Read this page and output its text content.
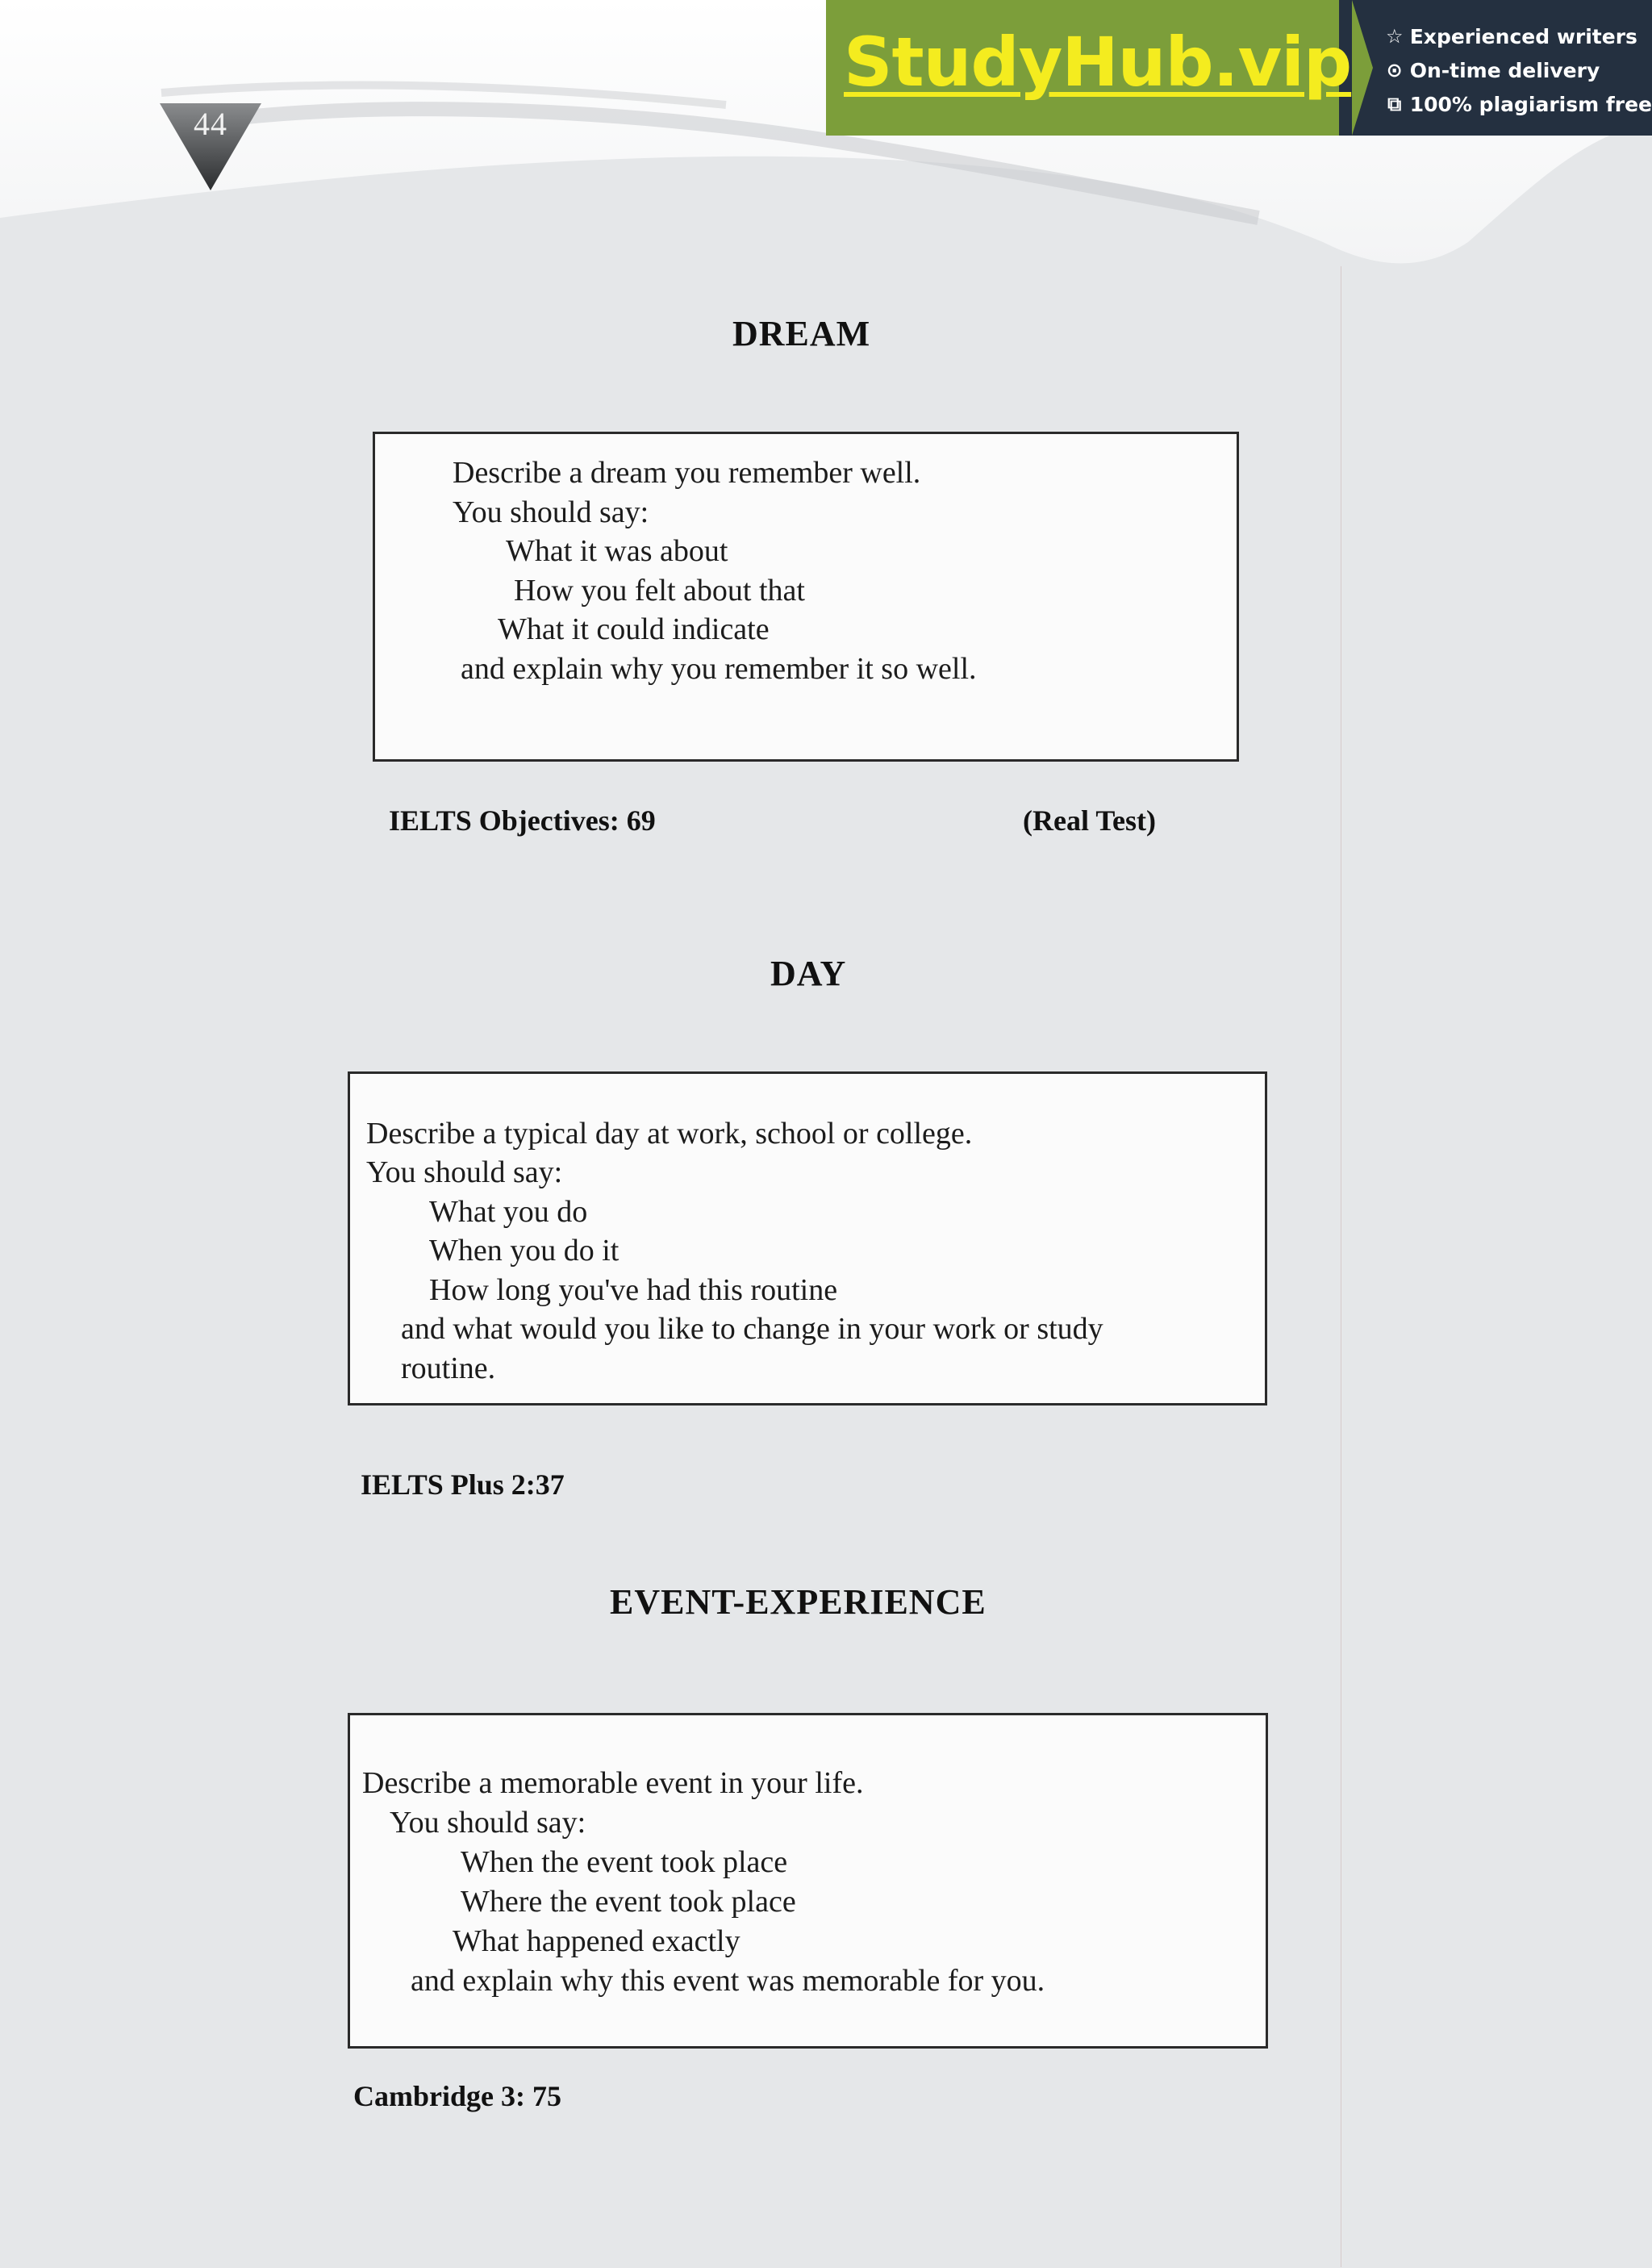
44
StudyHub.vip ☆ Experienced writers
⊙ On-time delivery
⧉ 100% plagiarism free
DREAM
Describe a dream you remember well.
You should say:
What it was about
How you felt about that
What it could indicate
and explain why you remember it so well.
IELTS Objectives: 69	(Real Test)
DAY
Describe a typical day at work, school or college.
You should say:
What you do
When you do it
How long you've had this routine
and what would you like to change in your work or study
routine.
IELTS Plus 2:37
EVENT-EXPERIENCE
Describe a memorable event in your life.
You should say:
When the event took place
Where the event took place
What happened exactly
and explain why this event was memorable for you.
Cambridge 3: 75
